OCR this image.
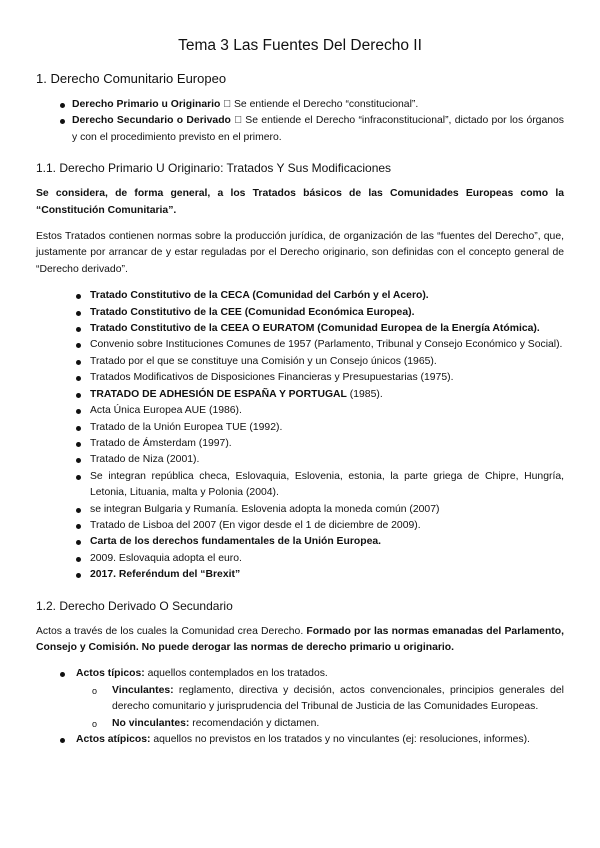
Tema 3 Las Fuentes Del Derecho II
1. Derecho Comunitario Europeo
Derecho Primario u Originario Se entiende el Derecho “constitucional”.
Derecho Secundario o Derivado Se entiende el Derecho “infraconstitucional”, dictado por los órganos y con el procedimiento previsto en el primero.
1.1. Derecho Primario U Originario: Tratados Y Sus Modificaciones

Se considera, de forma general, a los Tratados básicos de las Comunidades Europeas como la “Constitución Comunitaria”.

Estos Tratados contienen normas sobre la producción jurídica, de organización de las “fuentes del Derecho”, que, justamente por arrancar de y estar reguladas por el Derecho originario, son definidas con el concepto general de “Derecho derivado”.

Tratado Constitutivo de la CECA (Comunidad del Carbón y el Acero).
Tratado Constitutivo de la CEE (Comunidad Económica Europea).
Tratado Constitutivo de la CEEA O EURATOM (Comunidad Europea de la Energía Atómica).
Convenio sobre Instituciones Comunes de 1957 (Parlamento, Tribunal y Consejo Económico y Social).
Tratado por el que se constituye una Comisión y un Consejo únicos (1965).
Tratados Modificativos de Disposiciones Financieras y Presupuestarias (1975).
TRATADO DE ADHESIÓN DE ESPAÑA Y PORTUGAL (1985).
Acta Única Europea AUE (1986).
Tratado de la Unión Europea TUE (1992).
Tratado de Ámsterdam (1997).
Tratado de Niza (2001).
Se integran república checa, Eslovaquia, Eslovenia, estonia, la parte griega de Chipre, Hungría, Letonia, Lituania, malta y Polonia (2004).
se integran Bulgaria y Rumanía. Eslovenia adopta la moneda común (2007)
Tratado de Lisboa del 2007 (En vigor desde el 1 de diciembre de 2009).
Carta de los derechos fundamentales de la Unión Europea.
2009. Eslovaquia adopta el euro.
2017. Referéndum del “Brexit”
1.2. Derecho Derivado O Secundario

Actos a través de los cuales la Comunidad crea Derecho. Formado por las normas emanadas del Parlamento, Consejo y Comisión. No puede derogar las normas de derecho primario u originario.

Actos típicos: aquellos contemplados en los tratados.
o Vinculantes: reglamento, directiva y decisión, actos convencionales, principios generales del derecho comunitario y jurisprudencia del Tribunal de Justicia de las Comunidades Europeas.
o No vinculantes: recomendación y dictamen.
Actos atípicos: aquellos no previstos en los tratados y no vinculantes (ej: resoluciones, informes).
